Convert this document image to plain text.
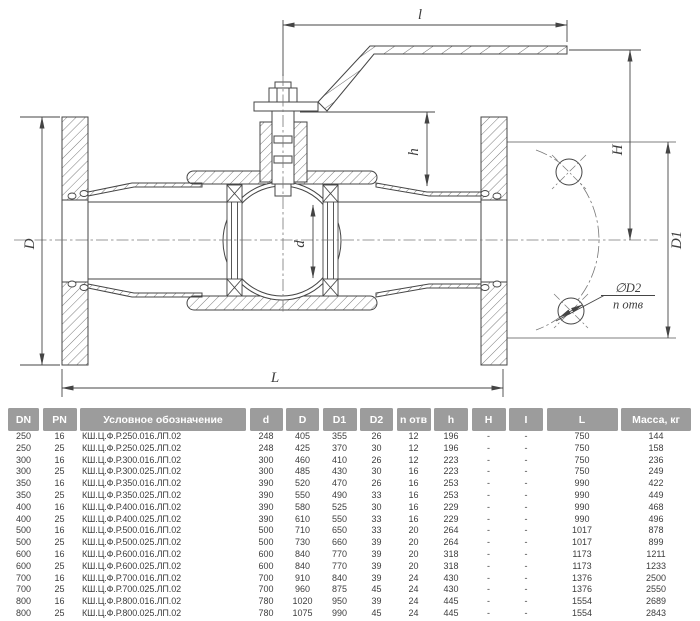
l
H
D1
h
d
D
L
∅D2
n отв
DN	PN	Условное обозначение	d	D	D1	D2	n отв	h	H	I	L	Масса, кг
250	16	КШ.Ц.Ф.Р.250.016.ЛП.02	248	405	355	26	12	196	-	-	750	144
250	25	КШ.Ц.Ф.Р.250.025.ЛП.02	248	425	370	30	12	196	-	-	750	158
300	16	КШ.Ц.Ф.Р.300.016.ЛП.02	300	460	410	26	12	223	-	-	750	236
300	25	КШ.Ц.Ф.Р.300.025.ЛП.02	300	485	430	30	16	223	-	-	750	249
350	16	КШ.Ц.Ф.Р.350.016.ЛП.02	390	520	470	26	16	253	-	-	990	422
350	25	КШ.Ц.Ф.Р.350.025.ЛП.02	390	550	490	33	16	253	-	-	990	449
400	16	КШ.Ц.Ф.Р.400.016.ЛП.02	390	580	525	30	16	229	-	-	990	468
400	25	КШ.Ц.Ф.Р.400.025.ЛП.02	390	610	550	33	16	229	-	-	990	496
500	16	КШ.Ц.Ф.Р.500.016.ЛП.02	500	710	650	33	20	264	-	-	1017	878
500	25	КШ.Ц.Ф.Р.500.025.ЛП.02	500	730	660	39	20	264	-	-	1017	899
600	16	КШ.Ц.Ф.Р.600.016.ЛП.02	600	840	770	39	20	318	-	-	1173	1211
600	25	КШ.Ц.Ф.Р.600.025.ЛП.02	600	840	770	39	20	318	-	-	1173	1233
700	16	КШ.Ц.Ф.Р.700.016.ЛП.02	700	910	840	39	24	430	-	-	1376	2500
700	25	КШ.Ц.Ф.Р.700.025.ЛП.02	700	960	875	45	24	430	-	-	1376	2550
800	16	КШ.Ц.Ф.Р.800.016.ЛП.02	780	1020	950	39	24	445	-	-	1554	2689
800	25	КШ.Ц.Ф.Р.800.025.ЛП.02	780	1075	990	45	24	445	-	-	1554	2843
